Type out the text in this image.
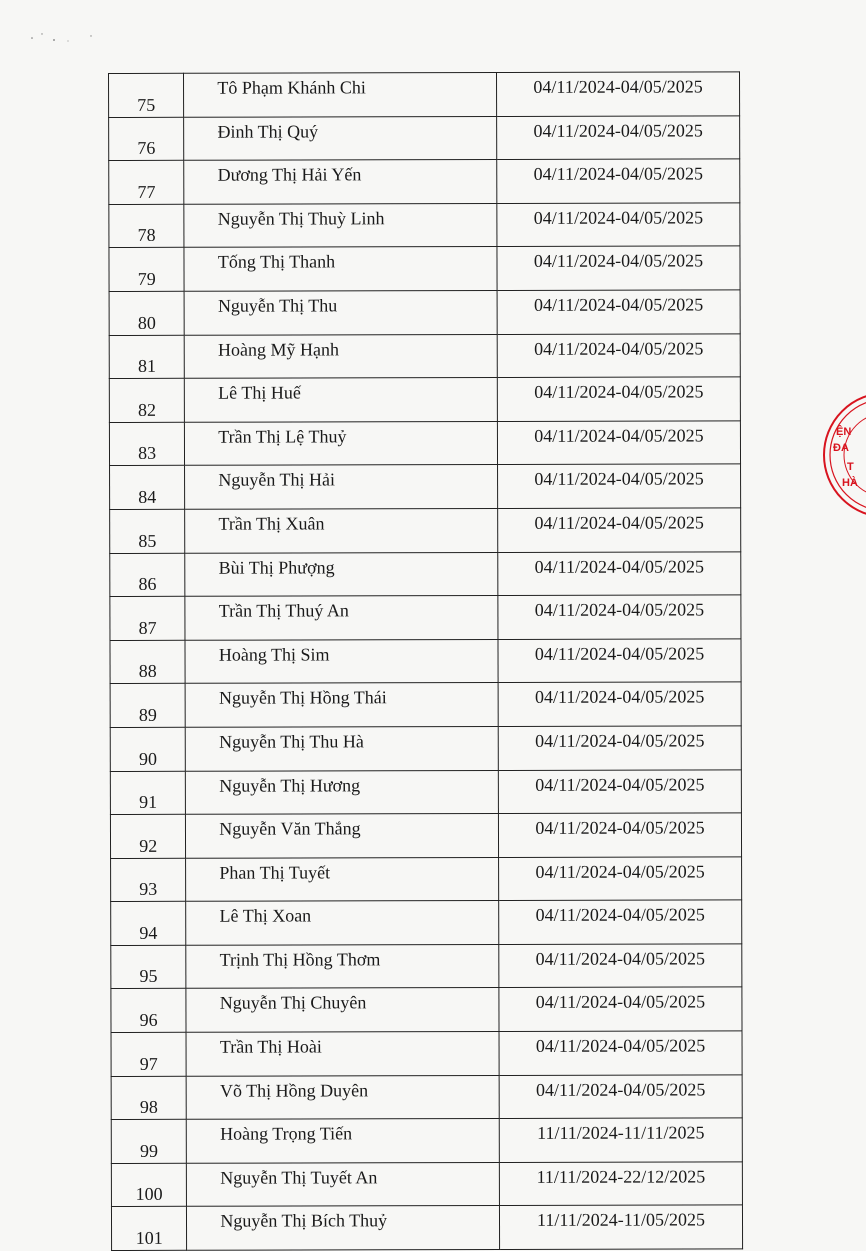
75	Tô Phạm Khánh Chi	04/11/2024-04/05/2025
76	Đinh Thị Quý	04/11/2024-04/05/2025
77	Dương Thị Hải Yến	04/11/2024-04/05/2025
78	Nguyễn Thị Thuỳ Linh	04/11/2024-04/05/2025
79	Tống Thị Thanh	04/11/2024-04/05/2025
80	Nguyễn Thị Thu	04/11/2024-04/05/2025
81	Hoàng Mỹ Hạnh	04/11/2024-04/05/2025
82	Lê Thị Huế	04/11/2024-04/05/2025
83	Trần Thị Lệ Thuỷ	04/11/2024-04/05/2025
84	Nguyễn Thị Hải	04/11/2024-04/05/2025
85	Trần Thị Xuân	04/11/2024-04/05/2025
86	Bùi Thị Phượng	04/11/2024-04/05/2025
87	Trần Thị Thuý An	04/11/2024-04/05/2025
88	Hoàng Thị Sim	04/11/2024-04/05/2025
89	Nguyễn Thị Hồng Thái	04/11/2024-04/05/2025
90	Nguyễn Thị Thu Hà	04/11/2024-04/05/2025
91	Nguyễn Thị Hương	04/11/2024-04/05/2025
92	Nguyễn Văn Thắng	04/11/2024-04/05/2025
93	Phan Thị Tuyết	04/11/2024-04/05/2025
94	Lê Thị Xoan	04/11/2024-04/05/2025
95	Trịnh Thị Hồng Thơm	04/11/2024-04/05/2025
96	Nguyễn Thị Chuyên	04/11/2024-04/05/2025
97	Trần Thị Hoài	04/11/2024-04/05/2025
98	Võ Thị Hồng Duyên	04/11/2024-04/05/2025
99	Hoàng Trọng Tiến	11/11/2024-11/11/2025
100	Nguyễn Thị Tuyết An	11/11/2024-22/12/2025
101	Nguyễn Thị Bích Thuỷ	11/11/2024-11/05/2025
ỆN
ĐA
T
HÀ
